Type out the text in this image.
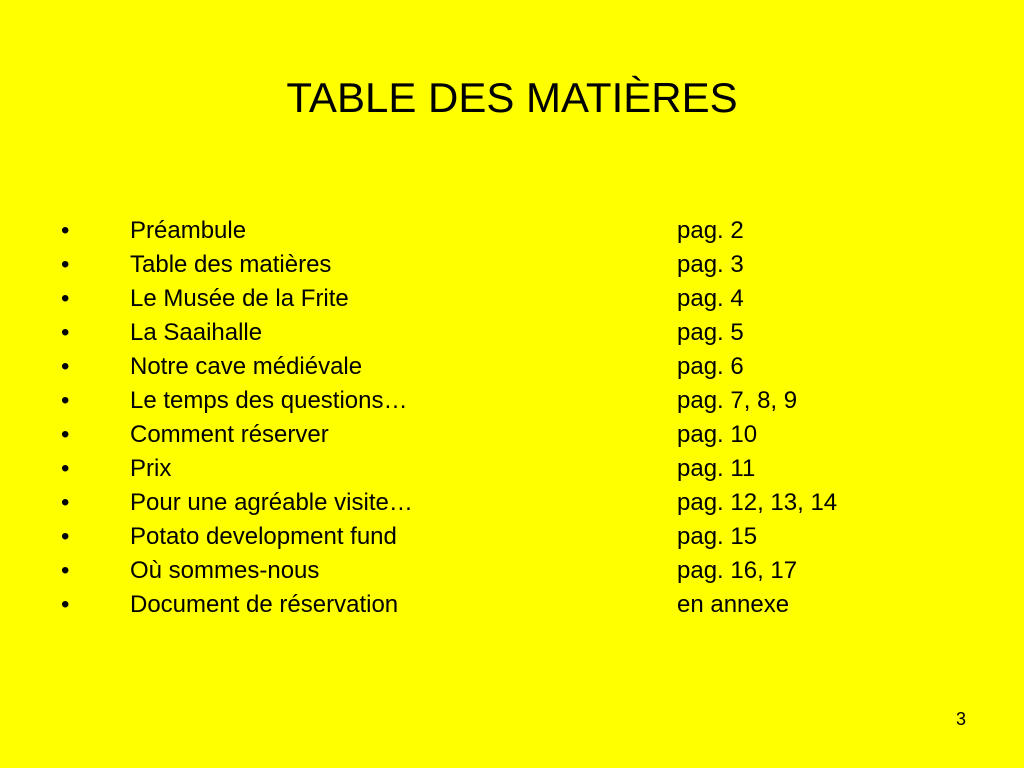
TABLE DES MATIÈRES
•	Préambule	pag. 2
•	Table des matières	pag. 3
•	Le Musée de la Frite	pag. 4
•	La Saaihalle	pag. 5
•	Notre cave médiévale	pag. 6
•	Le temps des questions…	pag. 7, 8, 9
•	Comment réserver	pag. 10
•	Prix	pag. 11
•	Pour une agréable visite…	pag. 12, 13, 14
•	Potato development fund	pag. 15
•	Où sommes-nous	pag. 16, 17
•	Document de réservation	en annexe
3
